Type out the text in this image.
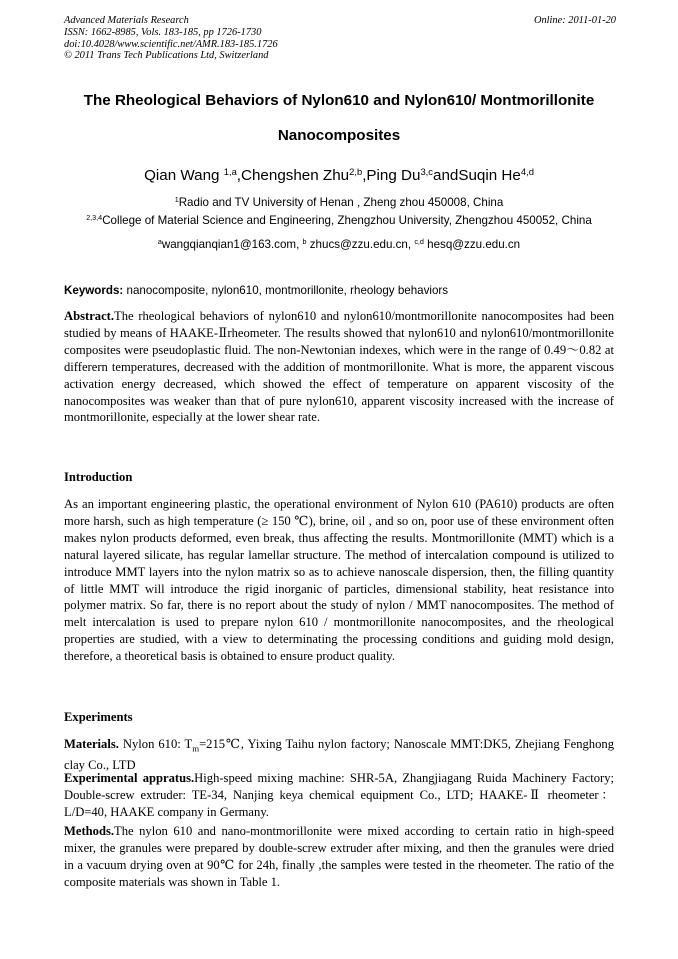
Advanced Materials Research
ISSN: 1662-8985, Vols. 183-185, pp 1726-1730
doi:10.4028/www.scientific.net/AMR.183-185.1726
© 2011 Trans Tech Publications Ltd, Switzerland
Online: 2011-01-20
The Rheological Behaviors of Nylon610 and Nylon610/ Montmorillonite
Nanocomposites
Qian Wang $^{1,a}$,Chengshen Zhu$^{2,b}$,Ping Du$^{3,c}$andSuqin He$^{4,d}$
$^1$Radio and TV University of Henan , Zheng zhou 450008, China
$^{2,3,4}$College of Material Science and Engineering, Zhengzhou University, Zhengzhou 450052, China
$^a$wangqianqian1@163.com, $^b$ zhucs@zzu.edu.cn, $^{c,d}$ hesq@zzu.edu.cn
Keywords: nanocomposite, nylon610, montmorillonite, rheology behaviors

Abstract.The rheological behaviors of nylon610 and nylon610/montmorillonite nanocomposites had been studied by means of HAAKE-Ⅱrheometer. The results showed that nylon610 and nylon610/montmorillonite composites were pseudoplastic fluid. The non-Newtonian indexes, which were in the range of 0.49～0.82 at differern temperatures, decreased with the addition of montmorillonite. What is more, the apparent viscous activation energy decreased, which showed the effect of temperature on apparent viscosity of the nanocomposites was weaker than that of pure nylon610, apparent viscosity increased with the increase of montmorillonite, especially at the lower shear rate.

Introduction

As an important engineering plastic, the operational environment of Nylon 610 (PA610) products are often more harsh, such as high temperature (≥ 150 ℃), brine, oil , and so on, poor use of these environment often makes nylon products deformed, even break, thus affecting the results. Montmorillonite (MMT) which is a natural layered silicate, has regular lamellar structure. The method of intercalation compound is utilized to introduce MMT layers into the nylon matrix so as to achieve nanoscale dispersion, then, the filling quantity of little MMT will introduce the rigid inorganic of particles, dimensional stability, heat resistance into polymer matrix. So far, there is no report about the study of nylon / MMT nanocomposites. The method of melt intercalation is used to prepare nylon 610 / montmorillonite nanocomposites, and the rheological properties are studied, with a view to determinating the processing conditions and guiding mold design, therefore, a theoretical basis is obtained to ensure product quality.

Experiments

Materials. Nylon 610: $T_m=215℃$, Yixing Taihu nylon factory; Nanoscale MMT:DK5, Zhejiang Fenghong clay Co., LTD

Experimental appratus.High-speed mixing machine: SHR-5A, Zhangjiagang Ruida Machinery Factory; Double-screw extruder: TE-34, Nanjing keya chemical equipment Co., LTD; HAAKE-Ⅱ rheometer：L/D=40, HAAKE company in Germany.

Methods.The nylon 610 and nano-montmorillonite were mixed according to certain ratio in high-speed mixer, the granules were prepared by double-screw extruder after mixing, and then the granules were dried in a vacuum drying oven at 90℃ for 24h, finally ,the samples were tested in the rheometer. The ratio of the composite materials was shown in Table 1.
